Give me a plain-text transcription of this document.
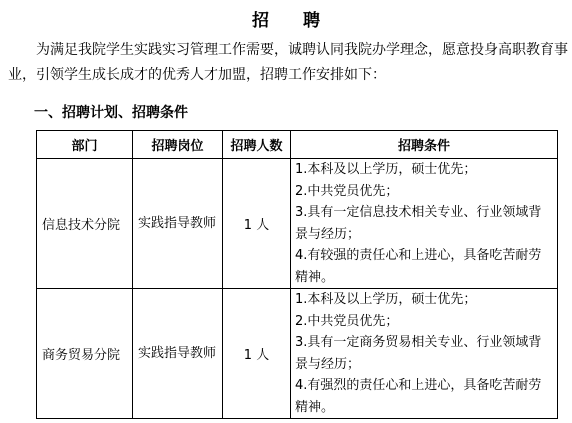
招 聘
为满足我院学生实践实习管理工作需要，诚聘认同我院办学理念，愿意投身高职教育事业，引领学生成长成才的优秀人才加盟，招聘工作安排如下：
一、招聘计划、招聘条件
部门	招聘岗位	招聘人数	招聘条件
信息技术分院	实践指导教师	1 人	1.本科及以上学历，硕士优先；
2.中共党员优先；
3.具有一定信息技术相关专业、行业领域背景与经历；
4.有较强的责任心和上进心，具备吃苦耐劳精神。

商务贸易分院	实践指导教师	1 人	1.本科及以上学历，硕士优先；
2.中共党员优先；
3.具有一定商务贸易相关专业、行业领域背景与经历；
4.有强烈的责任心和上进心，具备吃苦耐劳精神。
